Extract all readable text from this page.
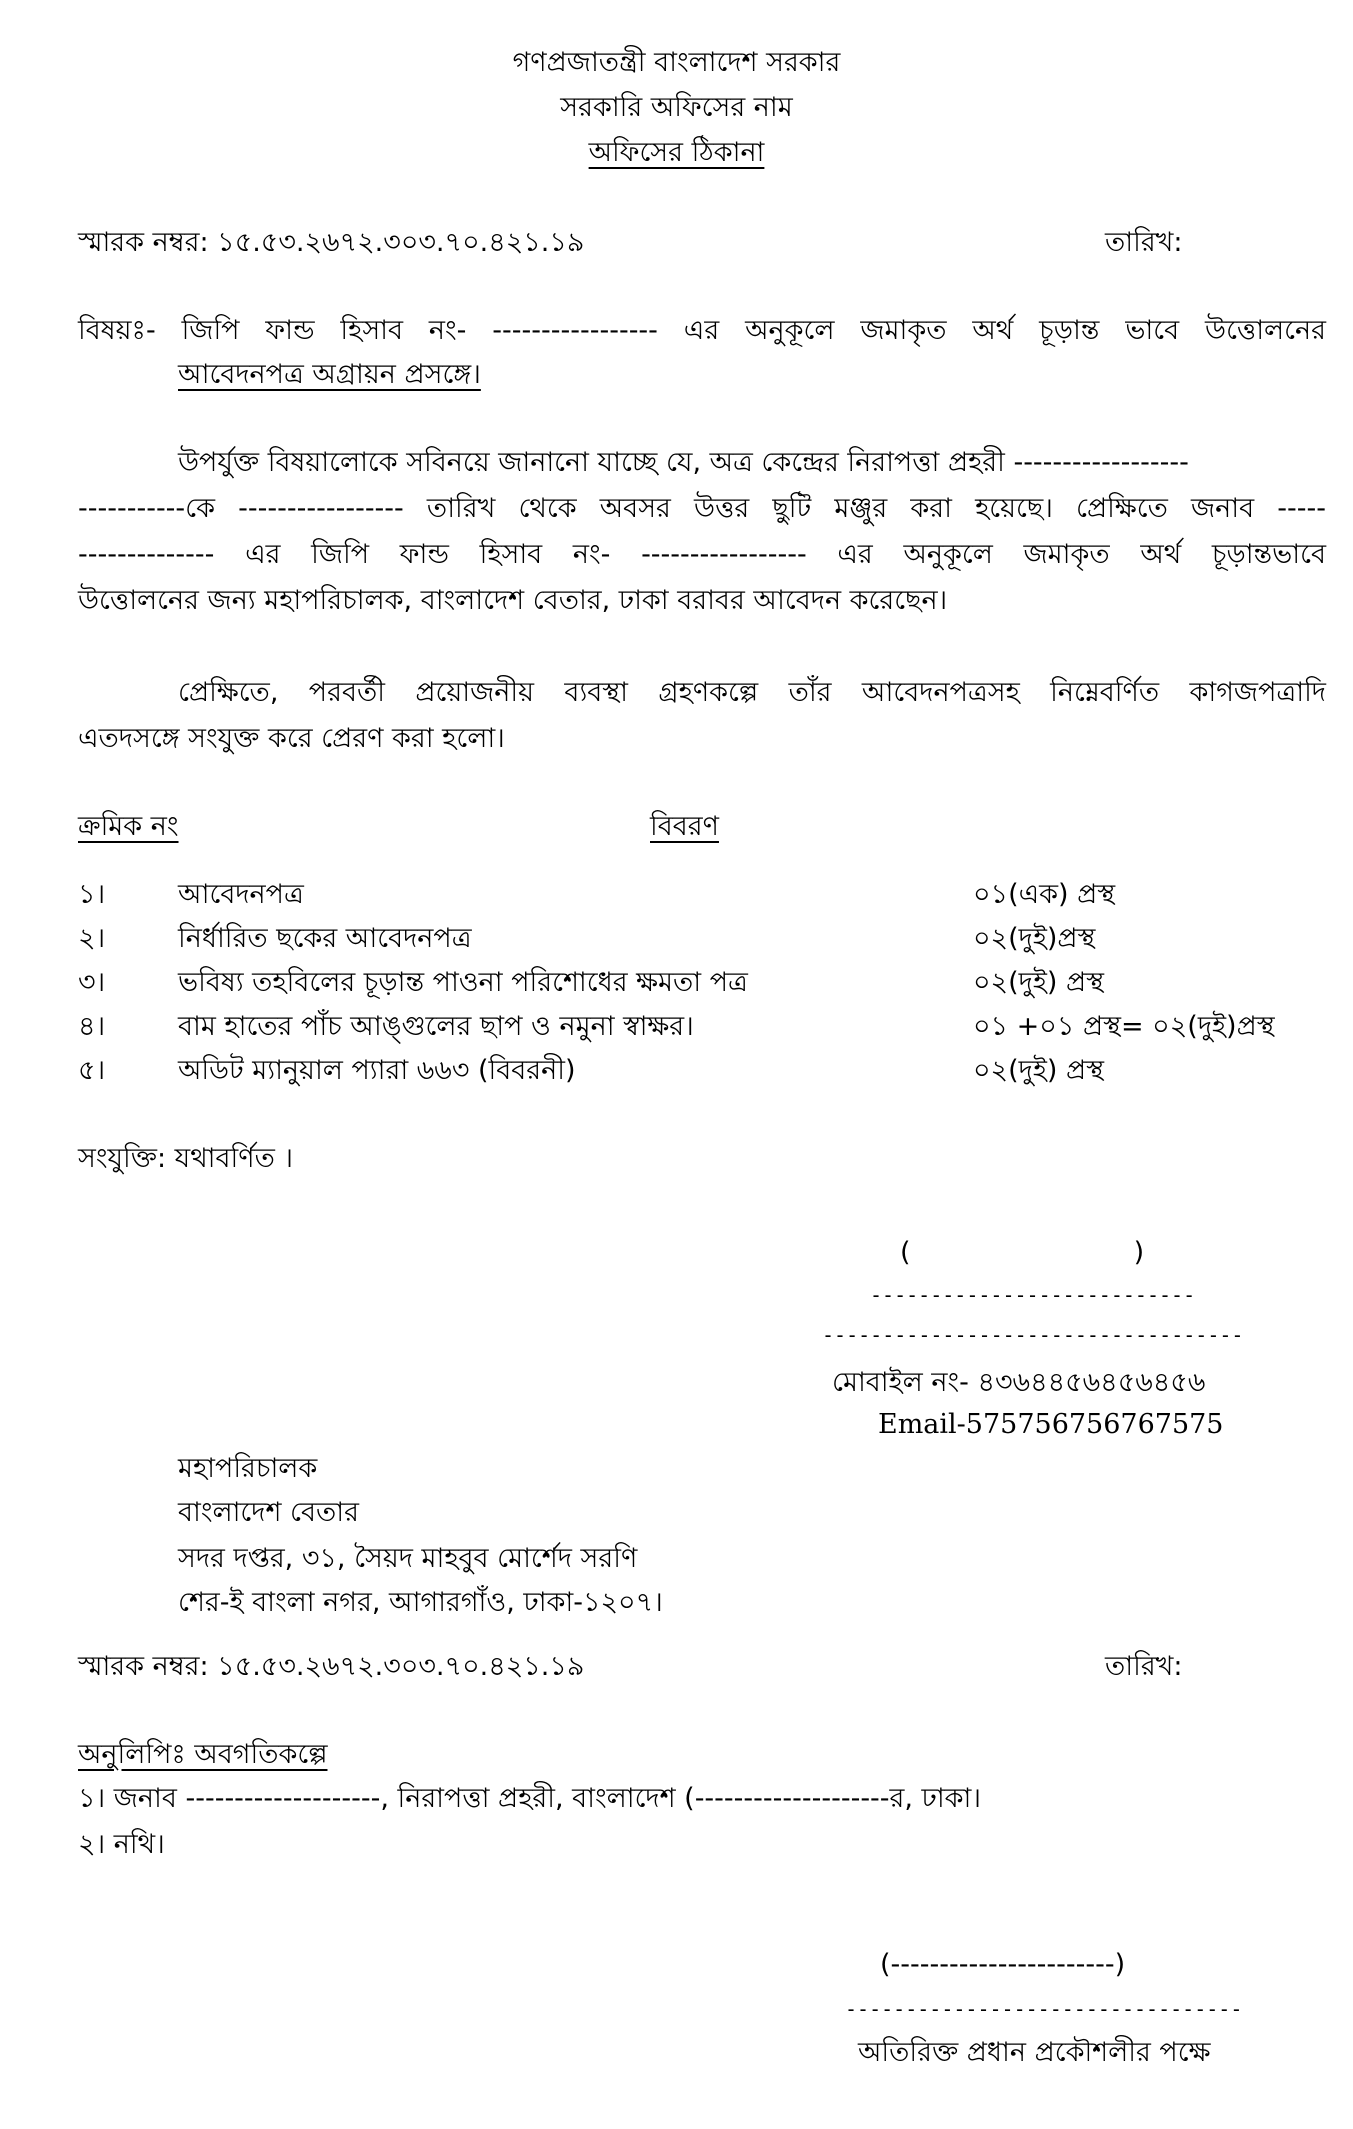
গণপ্রজাতন্ত্রী বাংলাদেশ সরকার
সরকারি অফিসের নাম
অফিসের ঠিকানা
স্মারক নম্বর: ১৫.৫৩.২৬৭২.৩০৩.৭০.৪২১.১৯	তারিখ:
বিষয়ঃ- জিপি ফান্ড হিসাব নং- ----------------- এর অনুকূলে জমাকৃত অর্থ চূড়ান্ত ভাবে উত্তোলনের
আবেদনপত্র অগ্রায়ন প্রসঙ্গে।
উপর্যুক্ত বিষয়ালোকে সবিনয়ে জানানো যাচ্ছে যে, অত্র কেন্দ্রের নিরাপত্তা প্রহরী ------------------
-----------কে ----------------- তারিখ থেকে অবসর উত্তর ছুটি মঞ্জুর করা হয়েছে। প্রেক্ষিতে জনাব -----
-------------- এর জিপি ফান্ড হিসাব নং- ----------------- এর অনুকূলে জমাকৃত অর্থ চূড়ান্তভাবে
উত্তোলনের জন্য মহাপরিচালক, বাংলাদেশ বেতার, ঢাকা বরাবর আবেদন করেছেন।
প্রেক্ষিতে, পরবর্তী প্রয়োজনীয় ব্যবস্থা গ্রহণকল্পে তাঁর আবেদনপত্রসহ নিম্নেবর্ণিত কাগজপত্রাদি
এতদসঙ্গে সংযুক্ত করে প্রেরণ করা হলো।
ক্রমিক নং	বিবরণ
১।	আবেদনপত্র	০১(এক) প্রস্থ
২।	নির্ধারিত ছকের আবেদনপত্র	০২(দুই)প্রস্থ
৩।	ভবিষ্য তহবিলের চূড়ান্ত পাওনা পরিশোধের ক্ষমতা পত্র	০২(দুই) প্রস্থ
৪।	বাম হাতের পাঁচ আঙ্গুলের ছাপ ও নমুনা স্বাক্ষর।	০১ +০১ প্রস্থ= ০২(দুই)প্রস্থ
৫।	অডিট ম্যানুয়াল প্যারা ৬৬৩ (বিবরনী)	০২(দুই) প্রস্থ
সংযুক্তি: যথাবর্ণিত ।
(                          )
---------------------------
-----------------------------------
মোবাইল নং- ৪৩৬৪৪৫৬৪৫৬৪৫৬
Email-575756756767575
মহাপরিচালক
বাংলাদেশ বেতার
সদর দপ্তর, ৩১, সৈয়দ মাহবুব মোর্শেদ সরণি
শের-ই বাংলা নগর, আগারগাঁও, ঢাকা-১২০৭।
স্মারক নম্বর: ১৫.৫৩.২৬৭২.৩০৩.৭০.৪২১.১৯	তারিখ:
অনুলিপিঃ অবগতিকল্পে
১। জনাব --------------------, নিরাপত্তা প্রহরী, বাংলাদেশ (--------------------র, ঢাকা।
২। নথি।
(-----------------------)
---------------------------------
অতিরিক্ত প্রধান প্রকৌশলীর পক্ষে
